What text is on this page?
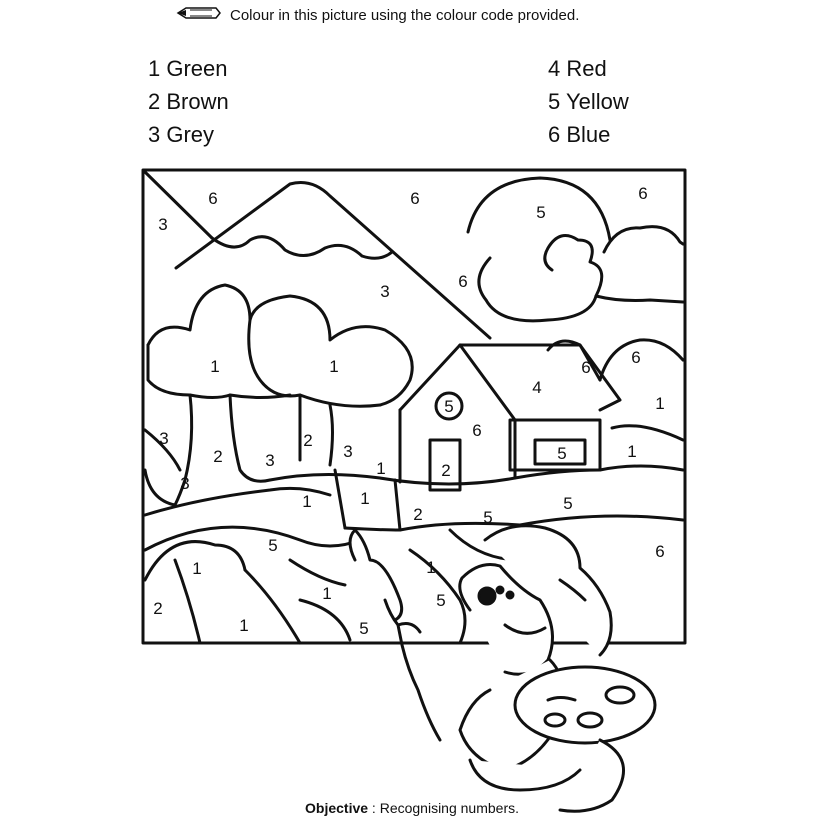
Colour in this picture using the colour code provided.
1 Green
2 Brown
3 Grey
4 Red
5 Yellow
6 Blue
6
3
6
5
6
6
3
1	1	6
6
4
1
5
6
3
2	3
2
3
1	2
5	1
3
1	1
2	5
5
5
1
1	5
1
2
1	5
6
Objective : Recognising numbers.
